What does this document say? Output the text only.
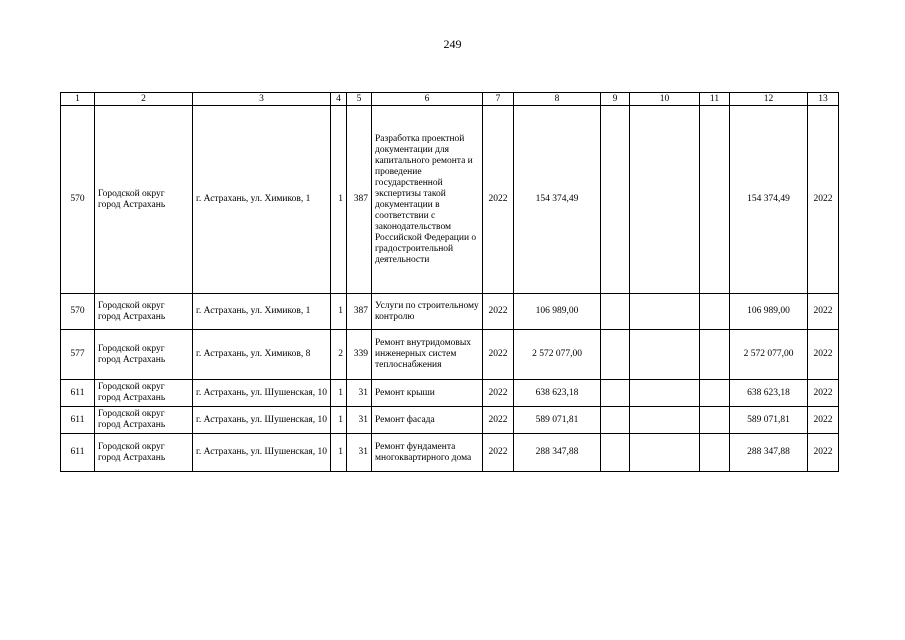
249
1	2	3	4	5	6	7	8	9	10	11	12	13
570	Городской округ город Астрахань	г. Астрахань, ул. Химиков, 1	1	387	Разработка проектной документации для капитального ремонта и проведение государственной экспертизы такой документации в соответствии с законодательством Российской Федерации о градостроительной деятельности	2022	154 374,49				154 374,49	2022
570	Городской округ город Астрахань	г. Астрахань, ул. Химиков, 1	1	387	Услуги по строительному контролю	2022	106 989,00				106 989,00	2022
577	Городской округ город Астрахань	г. Астрахань, ул. Химиков, 8	2	339	Ремонт внутридомовых инженерных систем теплоснабжения	2022	2 572 077,00				2 572 077,00	2022
611	Городской округ город Астрахань	г. Астрахань, ул. Шушенская, 10	1	31	Ремонт крыши	2022	638 623,18				638 623,18	2022
611	Городской округ город Астрахань	г. Астрахань, ул. Шушенская, 10	1	31	Ремонт фасада	2022	589 071,81				589 071,81	2022
611	Городской округ город Астрахань	г. Астрахань, ул. Шушенская, 10	1	31	Ремонт фундамента многоквартирного дома	2022	288 347,88				288 347,88	2022
